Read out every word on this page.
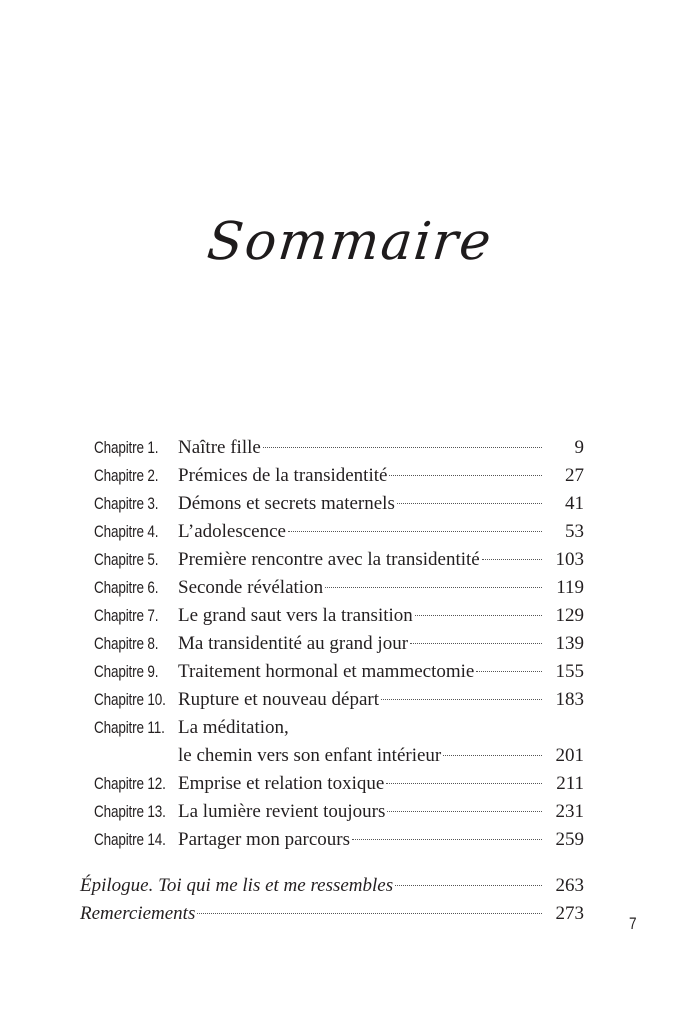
Sommaire
Chapitre 1. Naître fille	9
Chapitre 2. Prémices de la transidentité	27
Chapitre 3. Démons et secrets maternels	41
Chapitre 4. L’adolescence	53
Chapitre 5. Première rencontre avec la transidentité	103
Chapitre 6. Seconde révélation	119
Chapitre 7. Le grand saut vers la transition	129
Chapitre 8. Ma transidentité au grand jour	139
Chapitre 9. Traitement hormonal et mammectomie	155
Chapitre 10. Rupture et nouveau départ	183
Chapitre 11. La méditation,
le chemin vers son enfant intérieur	201
Chapitre 12. Emprise et relation toxique	211
Chapitre 13. La lumière revient toujours	231
Chapitre 14. Partager mon parcours	259
Épilogue. Toi qui me lis et me ressembles	263
Remerciements	273	7
